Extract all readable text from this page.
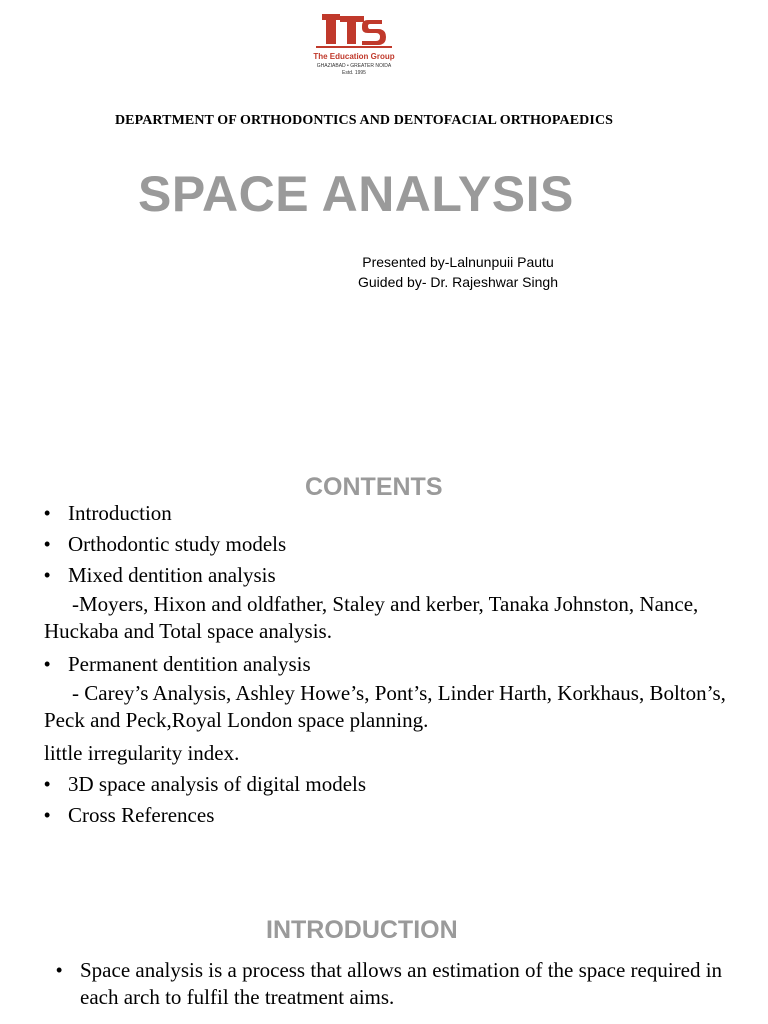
The Education Group
GHAZIABAD • GREATER NOIDA
Estd. 1995
DEPARTMENT OF ORTHODONTICS AND DENTOFACIAL ORTHOPAEDICS
SPACE ANALYSIS
Presented by-Lalnunpuii Pautu
Guided by- Dr. Rajeshwar Singh
CONTENTS
• Introduction
• Orthodontic study models
• Mixed dentition analysis
-Moyers, Hixon and oldfather, Staley and kerber, Tanaka Johnston, Nance, Huckaba and Total space analysis.
• Permanent dentition analysis
- Carey’s Analysis, Ashley Howe’s, Pont’s, Linder Harth, Korkhaus, Bolton’s, Peck and Peck,Royal London space planning.
little irregularity index.
• 3D space analysis of digital models
• Cross References
INTRODUCTION
• Space analysis is a process that allows an estimation of the space required in each arch to fulfil the treatment aims.
